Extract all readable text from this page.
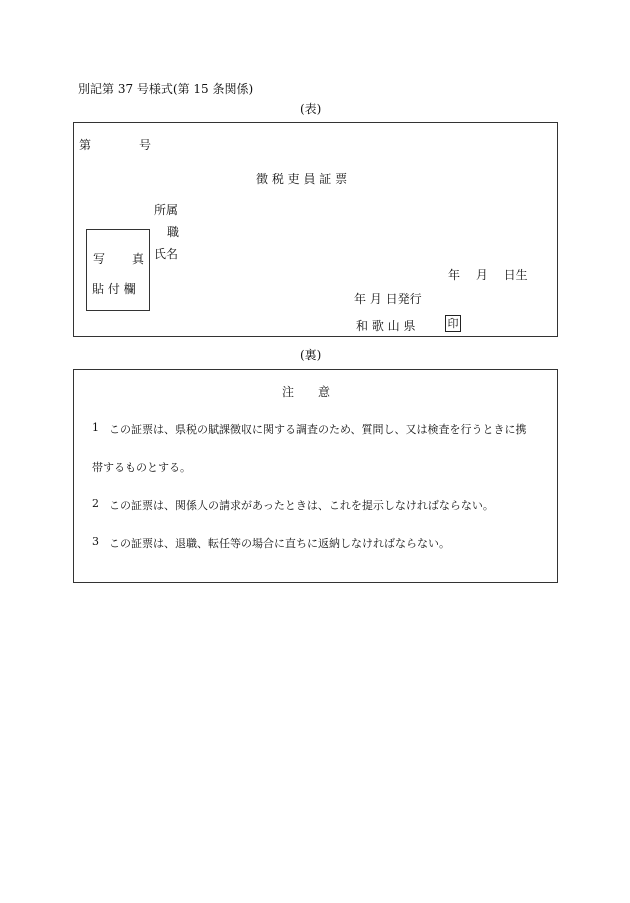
別記第 37 号様式(第 15 条関係)
(表)
第	号
徴 税 吏 員 証 票
所属
職
氏名
写 真
貼 付 欄
年　 月　 日生
年 月 日発行
和 歌 山 県	印
(裏)
注　　意
1 この証票は、県税の賦課徴収に関する調査のため、質問し、又は検査を行うときに携
帯するものとする。
2 この証票は、関係人の請求があったときは、これを提示しなければならない。
3 この証票は、退職、転任等の場合に直ちに返納しなければならない。
